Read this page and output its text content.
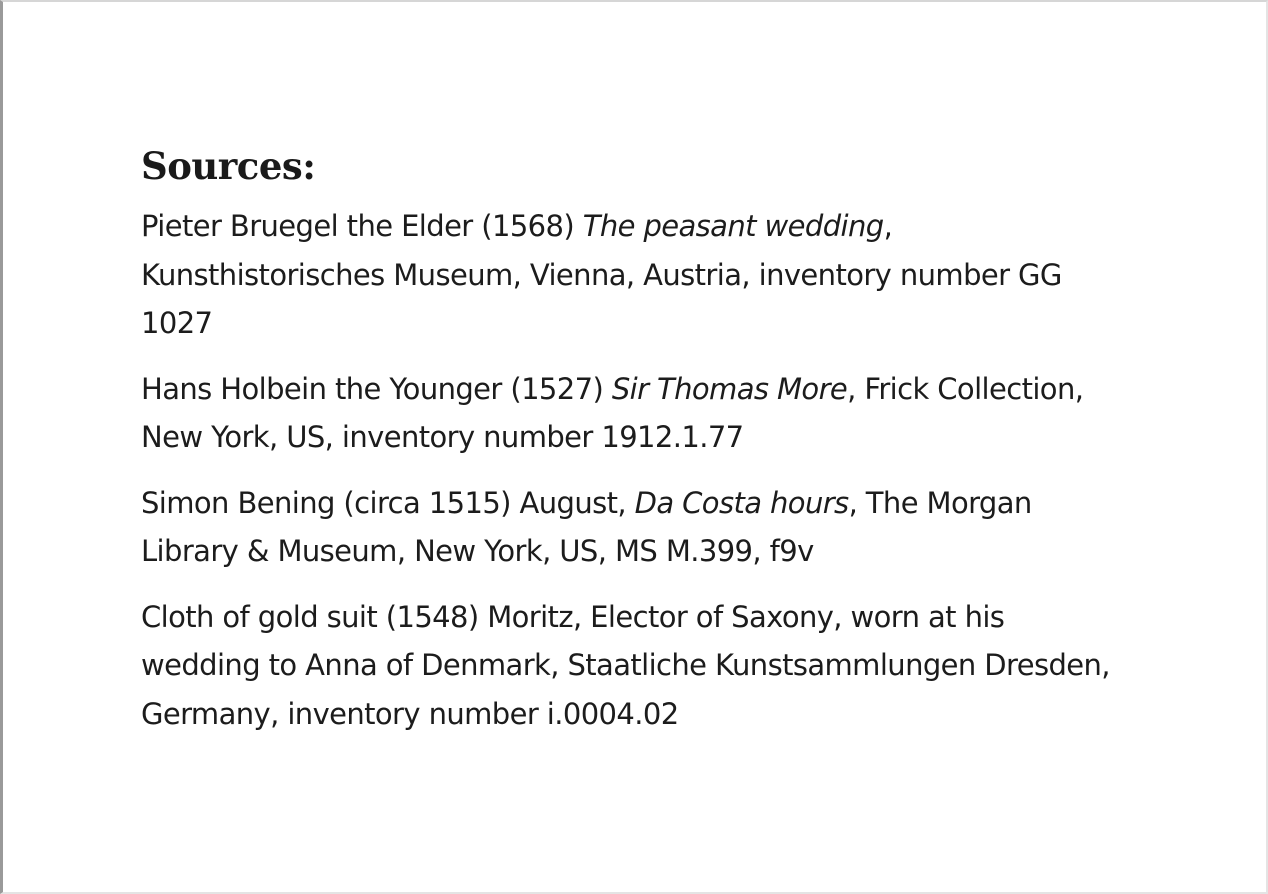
Sources:

Pieter Bruegel the Elder (1568) The peasant wedding, Kunsthistorisches Museum, Vienna, Austria, inventory number GG 1027

Hans Holbein the Younger (1527) Sir Thomas More, Frick Collection, New York, US, inventory number 1912.1.77

Simon Bening (circa 1515) August, Da Costa hours, The Morgan Library & Museum, New York, US, MS M.399, f9v

Cloth of gold suit (1548) Moritz, Elector of Saxony, worn at his wedding to Anna of Denmark, Staatliche Kunstsammlungen Dresden, Germany, inventory number i.0004.02
